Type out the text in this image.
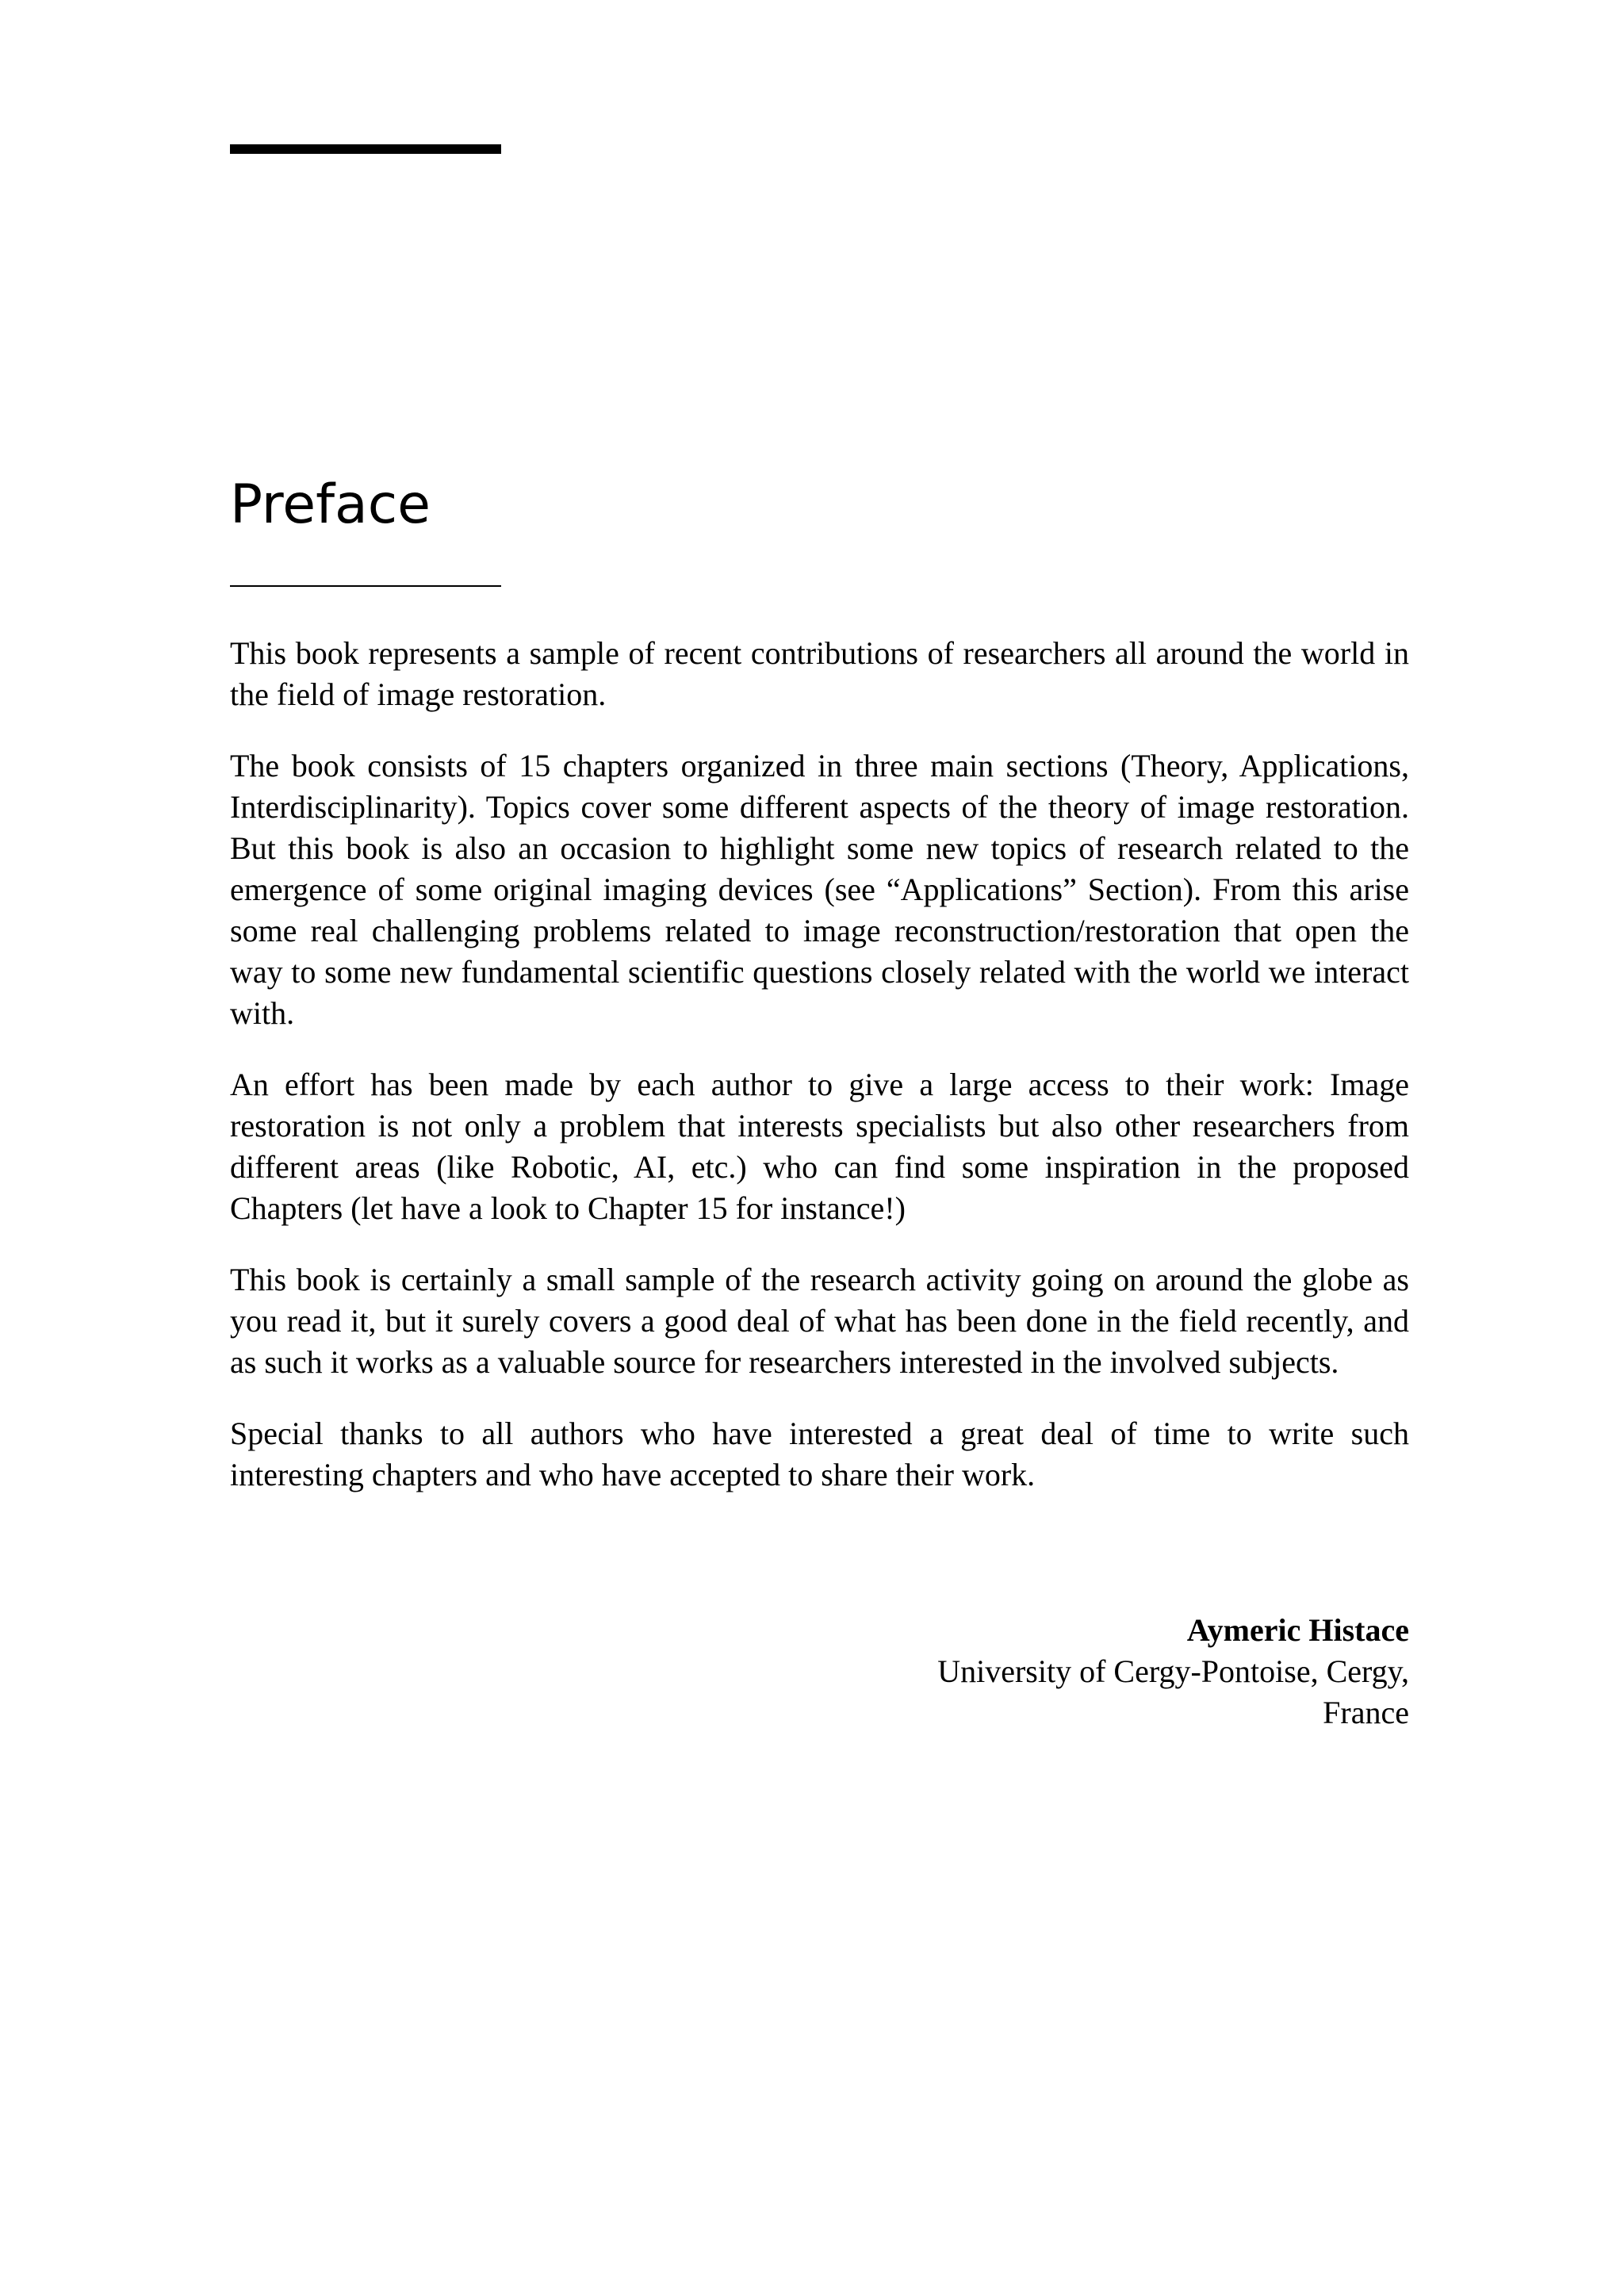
Preface

This book represents a sample of recent contributions of researchers all around the world in the field of image restoration.

The book consists of 15 chapters organized in three main sections (Theory, Applications, Interdisciplinarity). Topics cover some different aspects of the theory of image restoration. But this book is also an occasion to highlight some new topics of research related to the emergence of some original imaging devices (see “Applications” Section). From this arise some real challenging problems related to image reconstruction/restoration that open the way to some new fundamental scientific questions closely related with the world we interact with.

An effort has been made by each author to give a large access to their work: Image restoration is not only a problem that interests specialists but also other researchers from different areas (like Robotic, AI, etc.) who can find some inspiration in the proposed Chapters (let have a look to Chapter 15 for instance!)

This book is certainly a small sample of the research activity going on around the globe as you read it, but it surely covers a good deal of what has been done in the field recently, and as such it works as a valuable source for researchers interested in the involved subjects.

Special thanks to all authors who have interested a great deal of time to write such interesting chapters and who have accepted to share their work.

Aymeric Histace
University of Cergy-Pontoise, Cergy,
France
